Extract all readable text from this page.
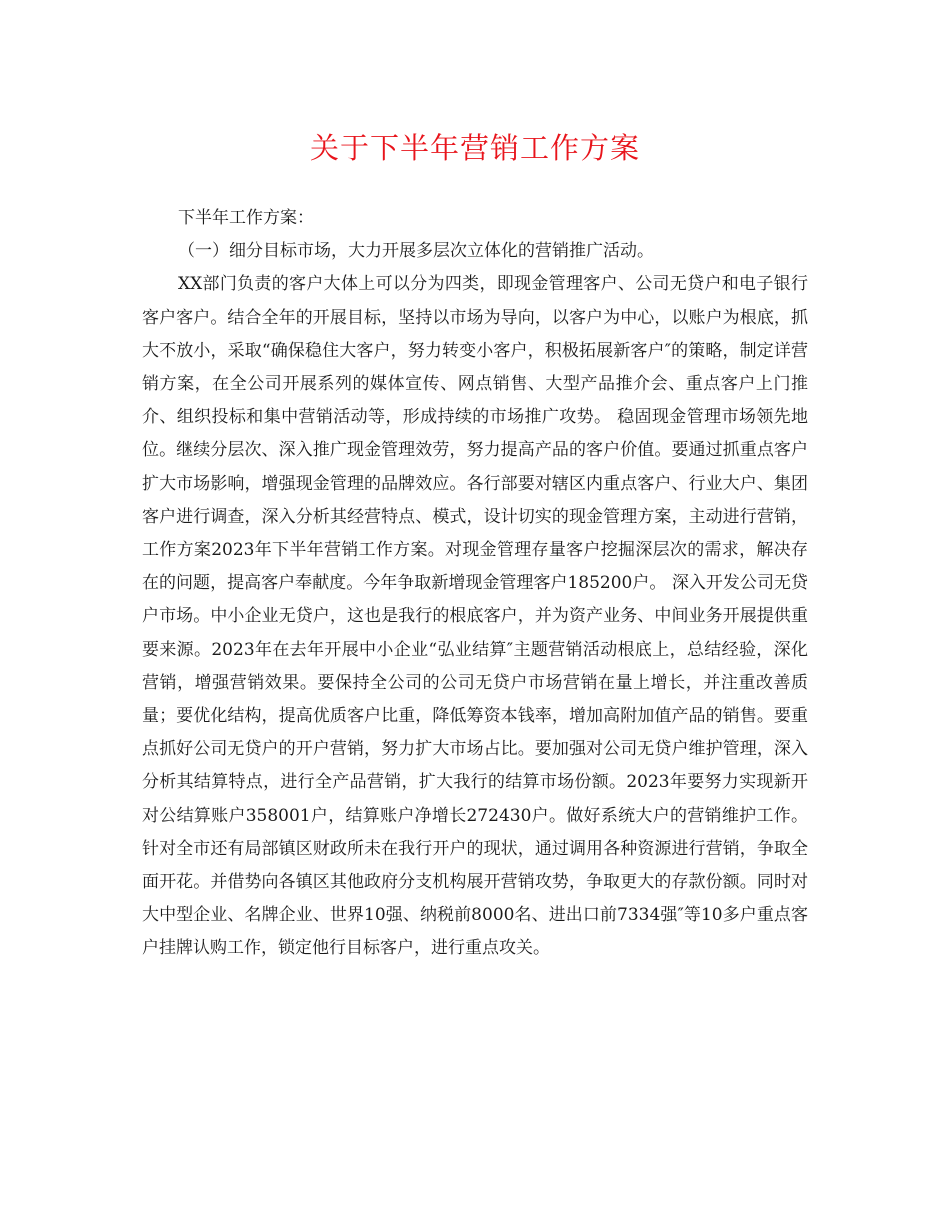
关于下半年营销工作方案

下半年工作方案：

（一）细分目标市场，大力开展多层次立体化的营销推广活动。

XX部门负责的客户大体上可以分为四类，即现金管理客户、公司无贷户和电子银行客户客户。结合全年的开展目标，坚持以市场为导向，以客户为中心，以账户为根底，抓大不放小，采取“确保稳住大客户，努力转变小客户，积极拓展新客户″的策略，制定详营销方案，在全公司开展系列的媒体宣传、网点销售、大型产品推介会、重点客户上门推介、组织投标和集中营销活动等，形成持续的市场推广攻势。 稳固现金管理市场领先地位。继续分层次、深入推广现金管理效劳，努力提高产品的客户价值。要通过抓重点客户扩大市场影响，增强现金管理的品牌效应。各行部要对辖区内重点客户、行业大户、集团客户进行调查，深入分析其经营特点、模式，设计切实的现金管理方案，主动进行营销，工作方案2023年下半年营销工作方案。对现金管理存量客户挖掘深层次的需求，解决存在的问题，提高客户奉献度。今年争取新增现金管理客户185200户。 深入开发公司无贷户市场。中小企业无贷户，这也是我行的根底客户，并为资产业务、中间业务开展提供重要来源。2023年在去年开展中小企业“弘业结算″主题营销活动根底上，总结经验，深化营销，增强营销效果。要保持全公司的公司无贷户市场营销在量上增长，并注重改善质量；要优化结构，提高优质客户比重，降低筹资本钱率，增加高附加值产品的销售。要重点抓好公司无贷户的开户营销，努力扩大市场占比。要加强对公司无贷户维护管理，深入分析其结算特点，进行全产品营销，扩大我行的结算市场份额。2023年要努力实现新开对公结算账户358001户，结算账户净增长272430户。做好系统大户的营销维护工作。针对全市还有局部镇区财政所未在我行开户的现状，通过调用各种资源进行营销，争取全面开花。并借势向各镇区其他政府分支机构展开营销攻势，争取更大的存款份额。同时对大中型企业、名牌企业、世界10强、纳税前8000名、进出口前7334强″等10多户重点客户挂牌认购工作，锁定他行目标客户，进行重点攻关。
